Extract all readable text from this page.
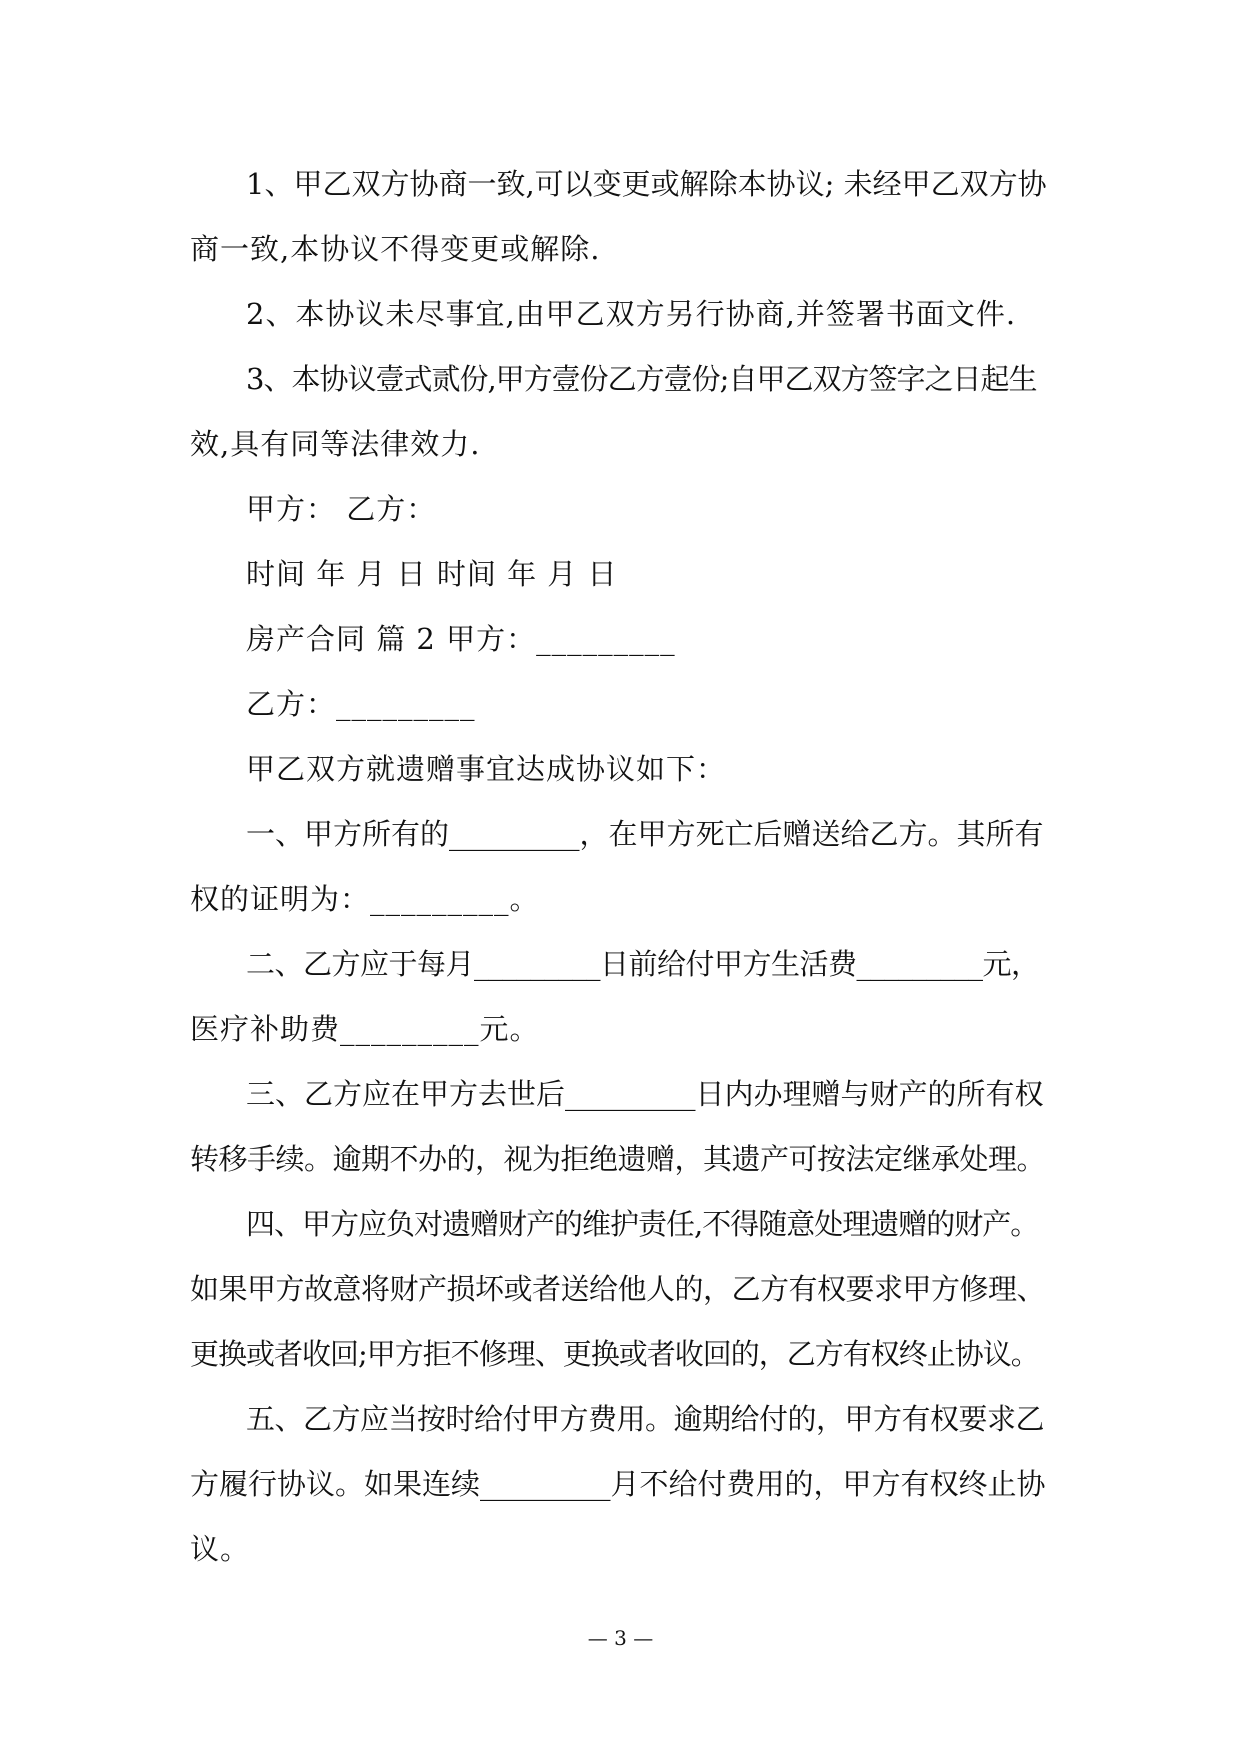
1、甲乙双方协商一致,可以变更或解除本协议; 未经甲乙双方协
商一致,本协议不得变更或解除.
2、本协议未尽事宜,由甲乙双方另行协商,并签署书面文件.
3、本协议壹式贰份,甲方壹份乙方壹份;自甲乙双方签字之日起生
效,具有同等法律效力.
甲方： 乙方：
时间 年 月 日 时间 年 月 日
房产合同 篇 2 甲方：_________
乙方：_________
甲乙双方就遗赠事宜达成协议如下：
一、甲方所有的_________，在甲方死亡后赠送给乙方。其所有
权的证明为：_________。
二、乙方应于每月_________日前给付甲方生活费_________元，
医疗补助费_________元。
三、乙方应在甲方去世后_________日内办理赠与财产的所有权
转移手续。逾期不办的，视为拒绝遗赠，其遗产可按法定继承处理。
四、甲方应负对遗赠财产的维护责任,不得随意处理遗赠的财产。
如果甲方故意将财产损坏或者送给他人的，乙方有权要求甲方修理、
更换或者收回;甲方拒不修理、更换或者收回的，乙方有权终止协议。
五、乙方应当按时给付甲方费用。逾期给付的，甲方有权要求乙
方履行协议。如果连续_________月不给付费用的，甲方有权终止协
议。
— 3 —
